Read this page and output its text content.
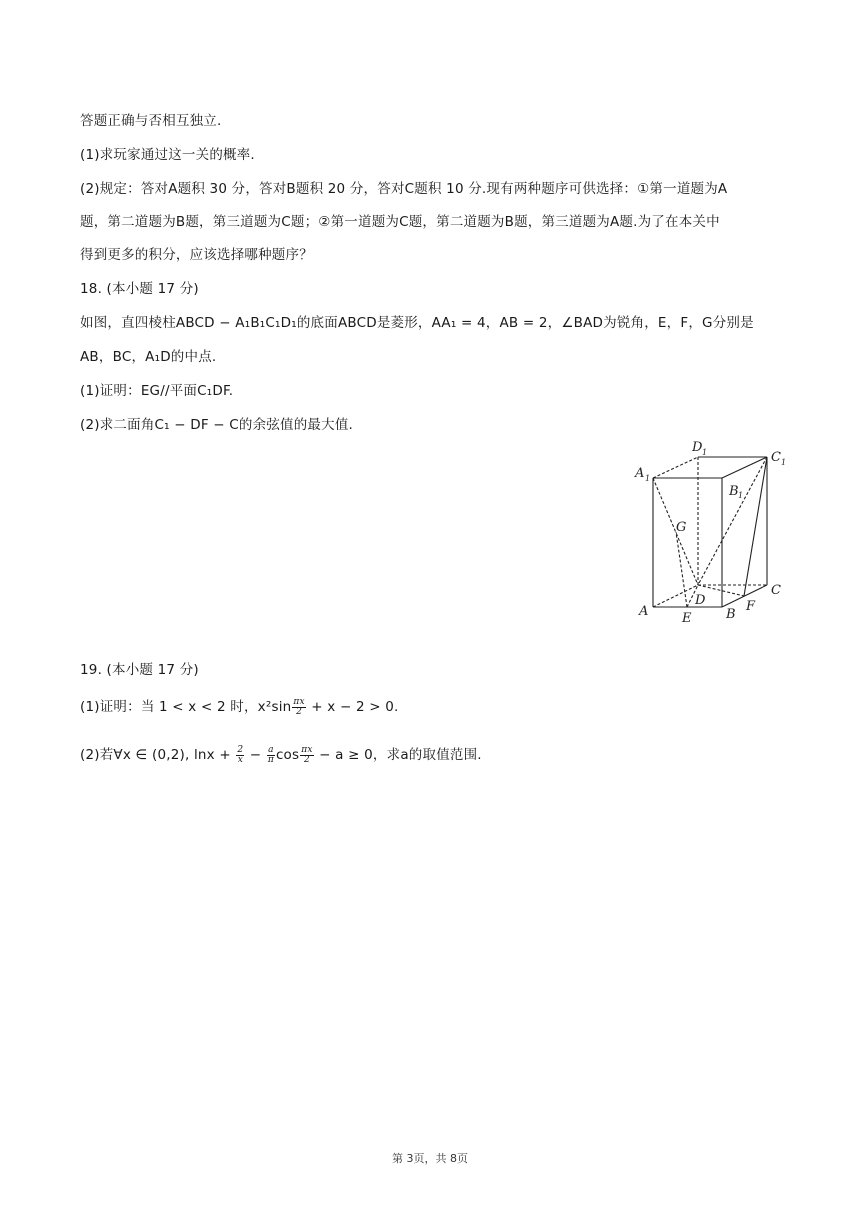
答题正确与否相互独立.
(1)求玩家通过这一关的概率.
(2)规定：答对A题积 30 分，答对B题积 20 分，答对C题积 10 分.现有两种题序可供选择：①第一道题为A
题，第二道题为B题，第三道题为C题；②第一道题为C题，第二道题为B题，第三道题为A题.为了在本关中
得到更多的积分，应该选择哪种题序？
18. (本小题 17 分)
如图，直四棱柱ABCD − A₁B₁C₁D₁的底面ABCD是菱形，AA₁ = 4，AB = 2，∠BAD为锐角，E，F，G分别是
AB，BC，A₁D的中点.
(1)证明：EG//平面C₁DF.
(2)求二面角C₁ − DF − C的余弦值的最大值.
A 1
B 1
C 1
D 1
G
A	E	B
F
C
D
19. (本小题 17 分)
(1)证明：当 1 < x < 2 时，$x^2\sin \frac{\pi x}{2} + x - 2 > 0$.
(2)若∀x ∈ (0,2), $\ln x + \frac{2}{x} - \frac{a}{\pi}$ $\cos \frac{\pi x}{2} - a \ge 0$，求a的取值范围.
第 3页，共 8页
